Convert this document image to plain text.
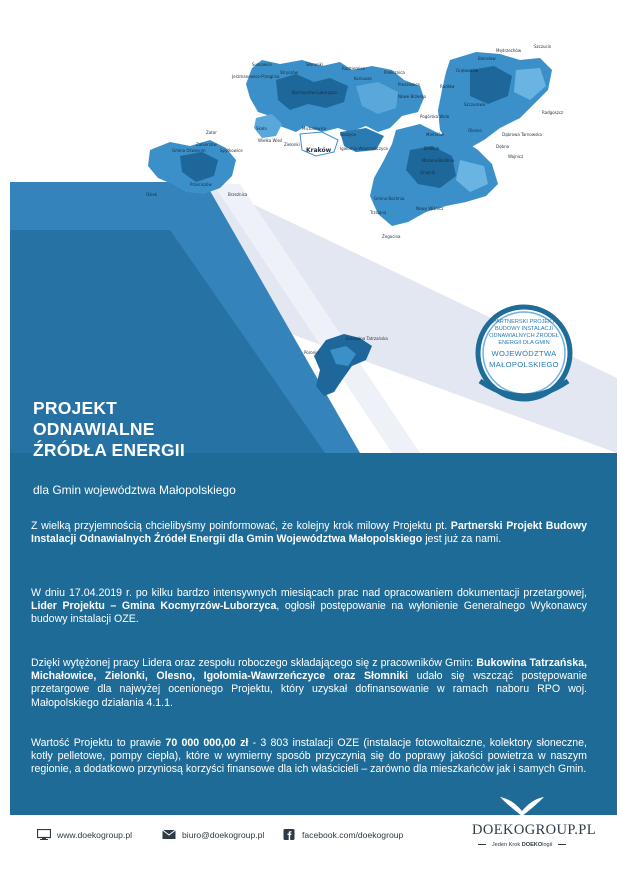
Sułkowice
Stryszów
Jerzmanowice-Przeginia
Słomniki
Radziemice
Pałecznica
Koniusza
Proszowice
Nowe Brzesko
Kocmyrzów-Luborzyca
Skała
Wielka Wieś
Zielonki
Michałowice
Kraków
Koszyce
Igołomia-Wawrzeńczyce
Zator
Zabierzów
Gmina Oświęcim	Spytkowice
Przeciszów
Osiek	Brzeźnica
Mietniów
Mszana-Bochnia
Gnojnik
Gmina Bochnia
Nowy Wiśnicz
Trzciana
Żegocina
Drwinia
Szczurowa
Olesno
Dąbrowa Tarnowska
Dębno
Wojnicz
Gręboszów
Bolesław
Mędrzechów
Szczucin
Radgoszcz
Radłów
Pogórska Wola
Bukowina Tatrzańska
Poronin
PARTNERSKI PROJEKT
BUDOWY INSTALACJI
ODNAWIALNYCH ŹRÓDEŁ
ENERGII DLA GMIN
WOJEWÓDZTWA
MAŁOPOLSKIEGO
PROJEKT
ODNAWIALNE
ŹRÓDŁA ENERGII
dla Gmin województwa Małopolskiego
Z wielką przyjemnością chcielibyśmy poinformować, że kolejny krok milowy Projektu pt. Partnerski Projekt Budowy Instalacji Odnawialnych Źródeł Energii dla Gmin Województwa Małopolskiego jest już za nami.
W dniu 17.04.2019 r. po kilku bardzo intensywnych miesiącach prac nad opracowaniem dokumentacji przetargowej, Lider Projektu – Gmina Kocmyrzów-Luborzyca, ogłosił postępowanie na wyłonienie Generalnego Wykonawcy budowy instalacji OZE.
Dzięki wytężonej pracy Lidera oraz zespołu roboczego składającego się z pracowników Gmin: Bukowina Tatrzańska, Michałowice, Zielonki, Olesno, Igołomia-Wawrzeńczyce oraz Słomniki udało się wszcząć postępowanie przetargowe dla najwyżej ocenionego Projektu, który uzyskał dofinansowanie w ramach naboru RPO woj. Małopolskiego działania 4.1.1.
Wartość Projektu to prawie 70 000 000,00 zł - 3 803 instalacji OZE (instalacje fotowoltaiczne, kolektory słoneczne, kotły pelletowe, pompy ciepła), które w wymierny sposób przyczynią się do poprawy jakości powietrza w naszym regionie, a dodatkowo przyniosą korzyści finansowe dla ich właścicieli – zarówno dla mieszkańców jak i samych Gmin.
www.doekogroup.pl	biuro@doekogroup.pl	facebook.com/doekogroup	DOEKOGROUP.PL
Jeden Krok DOEKOlogii
